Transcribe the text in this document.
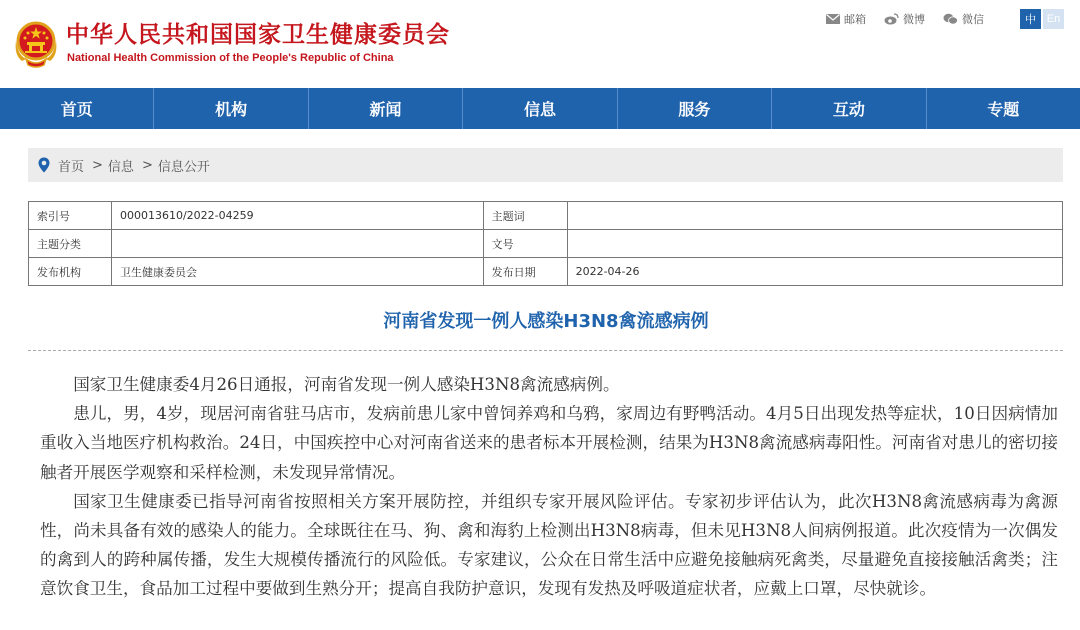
中华人民共和国国家卫生健康委员会
National Health Commission of the People's Republic of China
邮箱	微博	微信	中 En
首页	机构	新闻	信息	服务	互动	专题
首页 > 信息 > 信息公开
索引号	000013610/2022-04259	主题词	
主题分类		文号	
发布机构	卫生健康委员会	发布日期	2022-04-26
河南省发现一例人感染H3N8禽流感病例

国家卫生健康委4月26日通报，河南省发现一例人感染H3N8禽流感病例。

患儿，男，4岁，现居河南省驻马店市，发病前患儿家中曾饲养鸡和乌鸦，家周边有野鸭活动。4月5日出现发热等症状，10日因病情加重收入当地医疗机构救治。24日，中国疾控中心对河南省送来的患者标本开展检测，结果为H3N8禽流感病毒阳性。河南省对患儿的密切接触者开展医学观察和采样检测，未发现异常情况。

国家卫生健康委已指导河南省按照相关方案开展防控，并组织专家开展风险评估。专家初步评估认为，此次H3N8禽流感病毒为禽源性，尚未具备有效的感染人的能力。全球既往在马、狗、禽和海豹上检测出H3N8病毒，但未见H3N8人间病例报道。此次疫情为一次偶发的禽到人的跨种属传播，发生大规模传播流行的风险低。专家建议，公众在日常生活中应避免接触病死禽类，尽量避免直接接触活禽类；注意饮食卫生，食品加工过程中要做到生熟分开；提高自我防护意识，发现有发热及呼吸道症状者，应戴上口罩，尽快就诊。
